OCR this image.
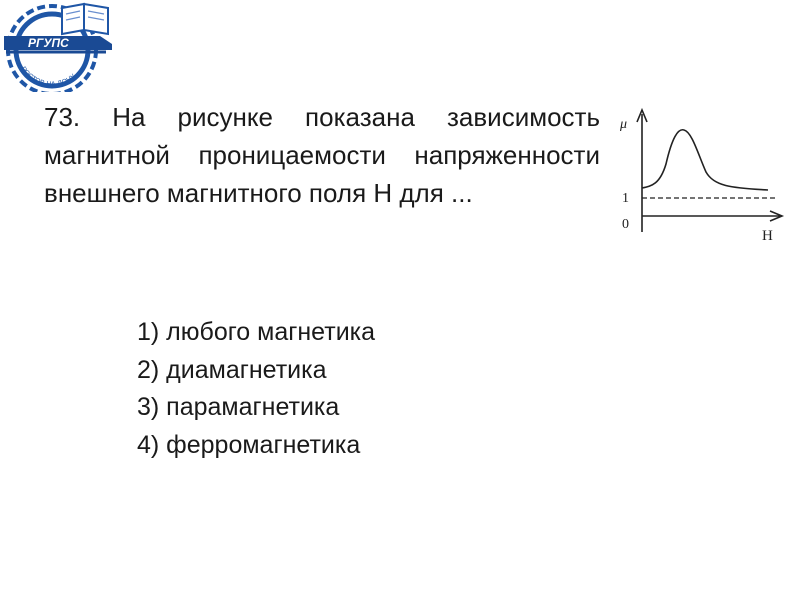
РГУПС
РОСТОВ-НА-ДОНУ
73. На рисунке показана зависимость магнитной проницаемости напряженности внешнего магнитного поля Н для ...
μ
H
1
0
1) любого магнетика
2) диамагнетика
3) парамагнетика
4) ферромагнетика
